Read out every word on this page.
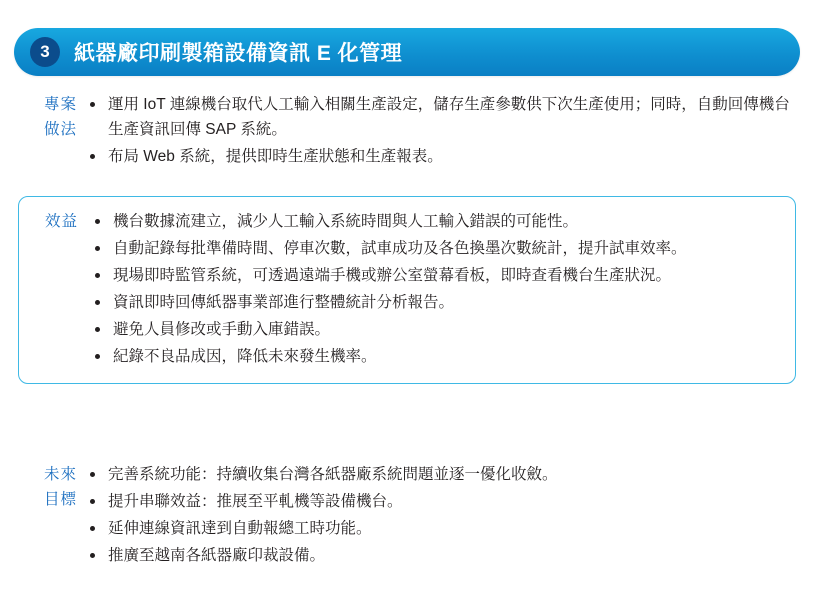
3	紙器廠印刷製箱設備資訊 E 化管理
專案
做法
運用 IoT 連線機台取代人工輸入相關生產設定，儲存生產參數供下次生產使用；同時，自動回傳機台生產資訊回傳 SAP 系統。
布局 Web 系統，提供即時生產狀態和生產報表。
效益	機台數據流建立，減少人工輸入系統時間與人工輸入錯誤的可能性。
自動記錄每批準備時間、停車次數，試車成功及各色換墨次數統計，提升試車效率。
現場即時監管系統，可透過遠端手機或辦公室螢幕看板，即時查看機台生產狀況。
資訊即時回傳紙器事業部進行整體統計分析報告。
避免人員修改或手動入庫錯誤。
紀錄不良品成因，降低未來發生機率。
未來
目標
完善系統功能：持續收集台灣各紙器廠系統問題並逐一優化收斂。
提升串聯效益：推展至平軋機等設備機台。
延伸連線資訊達到自動報總工時功能。
推廣至越南各紙器廠印裁設備。
